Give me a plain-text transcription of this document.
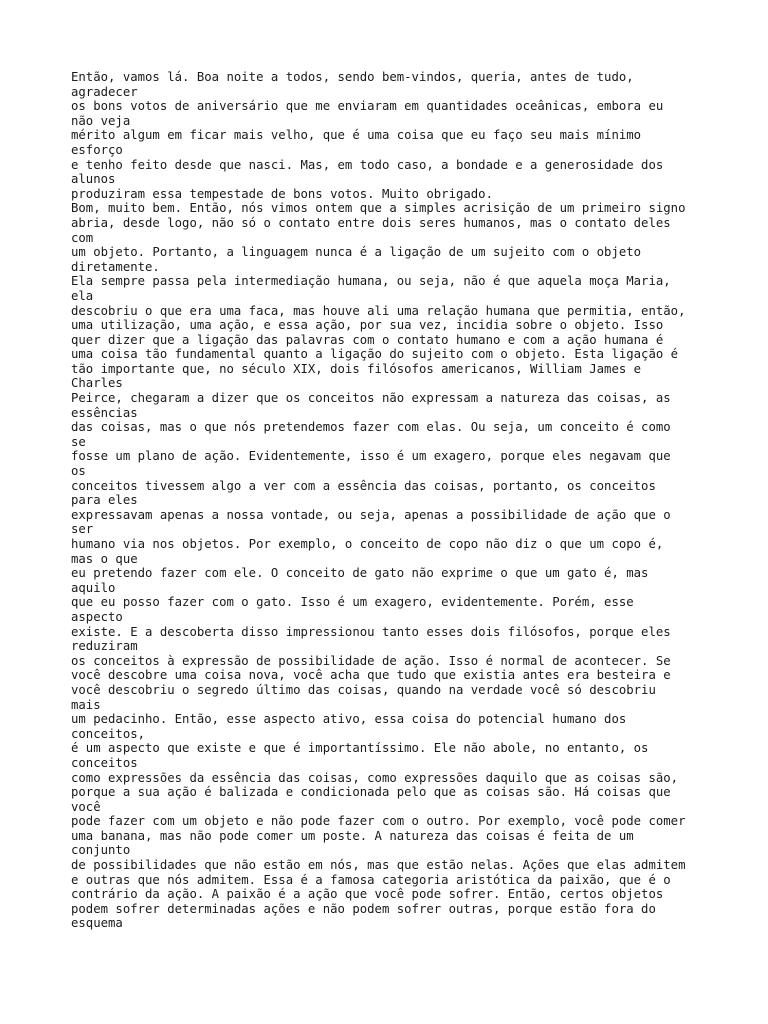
Então, vamos lá. Boa noite a todos, sendo bem-vindos, queria, antes de tudo,
agradecer
os bons votos de aniversário que me enviaram em quantidades oceânicas, embora eu
não veja
mérito algum em ficar mais velho, que é uma coisa que eu faço seu mais mínimo
esforço
e tenho feito desde que nasci. Mas, em todo caso, a bondade e a generosidade dos
alunos
produziram essa tempestade de bons votos. Muito obrigado.
Bom, muito bem. Então, nós vimos ontem que a simples acrisição de um primeiro signo
abria, desde logo, não só o contato entre dois seres humanos, mas o contato deles
com
um objeto. Portanto, a linguagem nunca é a ligação de um sujeito com o objeto
diretamente.
Ela sempre passa pela intermediação humana, ou seja, não é que aquela moça Maria,
ela
descobriu o que era uma faca, mas houve ali uma relação humana que permitia, então,
uma utilização, uma ação, e essa ação, por sua vez, incidia sobre o objeto. Isso
quer dizer que a ligação das palavras com o contato humano e com a ação humana é
uma coisa tão fundamental quanto a ligação do sujeito com o objeto. Esta ligação é
tão importante que, no século XIX, dois filósofos americanos, William James e
Charles
Peirce, chegaram a dizer que os conceitos não expressam a natureza das coisas, as
essências
das coisas, mas o que nós pretendemos fazer com elas. Ou seja, um conceito é como
se
fosse um plano de ação. Evidentemente, isso é um exagero, porque eles negavam que
os
conceitos tivessem algo a ver com a essência das coisas, portanto, os conceitos
para eles
expressavam apenas a nossa vontade, ou seja, apenas a possibilidade de ação que o
ser
humano via nos objetos. Por exemplo, o conceito de copo não diz o que um copo é,
mas o que
eu pretendo fazer com ele. O conceito de gato não exprime o que um gato é, mas
aquilo
que eu posso fazer com o gato. Isso é um exagero, evidentemente. Porém, esse
aspecto
existe. E a descoberta disso impressionou tanto esses dois filósofos, porque eles
reduziram
os conceitos à expressão de possibilidade de ação. Isso é normal de acontecer. Se
você descobre uma coisa nova, você acha que tudo que existia antes era besteira e
você descobriu o segredo último das coisas, quando na verdade você só descobriu
mais
um pedacinho. Então, esse aspecto ativo, essa coisa do potencial humano dos
conceitos,
é um aspecto que existe e que é importantíssimo. Ele não abole, no entanto, os
conceitos
como expressões da essência das coisas, como expressões daquilo que as coisas são,
porque a sua ação é balizada e condicionada pelo que as coisas são. Há coisas que
você
pode fazer com um objeto e não pode fazer com o outro. Por exemplo, você pode comer
uma banana, mas não pode comer um poste. A natureza das coisas é feita de um
conjunto
de possibilidades que não estão em nós, mas que estão nelas. Ações que elas admitem
e outras que nós admitem. Essa é a famosa categoria aristótica da paixão, que é o
contrário da ação. A paixão é a ação que você pode sofrer. Então, certos objetos
podem sofrer determinadas ações e não podem sofrer outras, porque estão fora do
esquema
